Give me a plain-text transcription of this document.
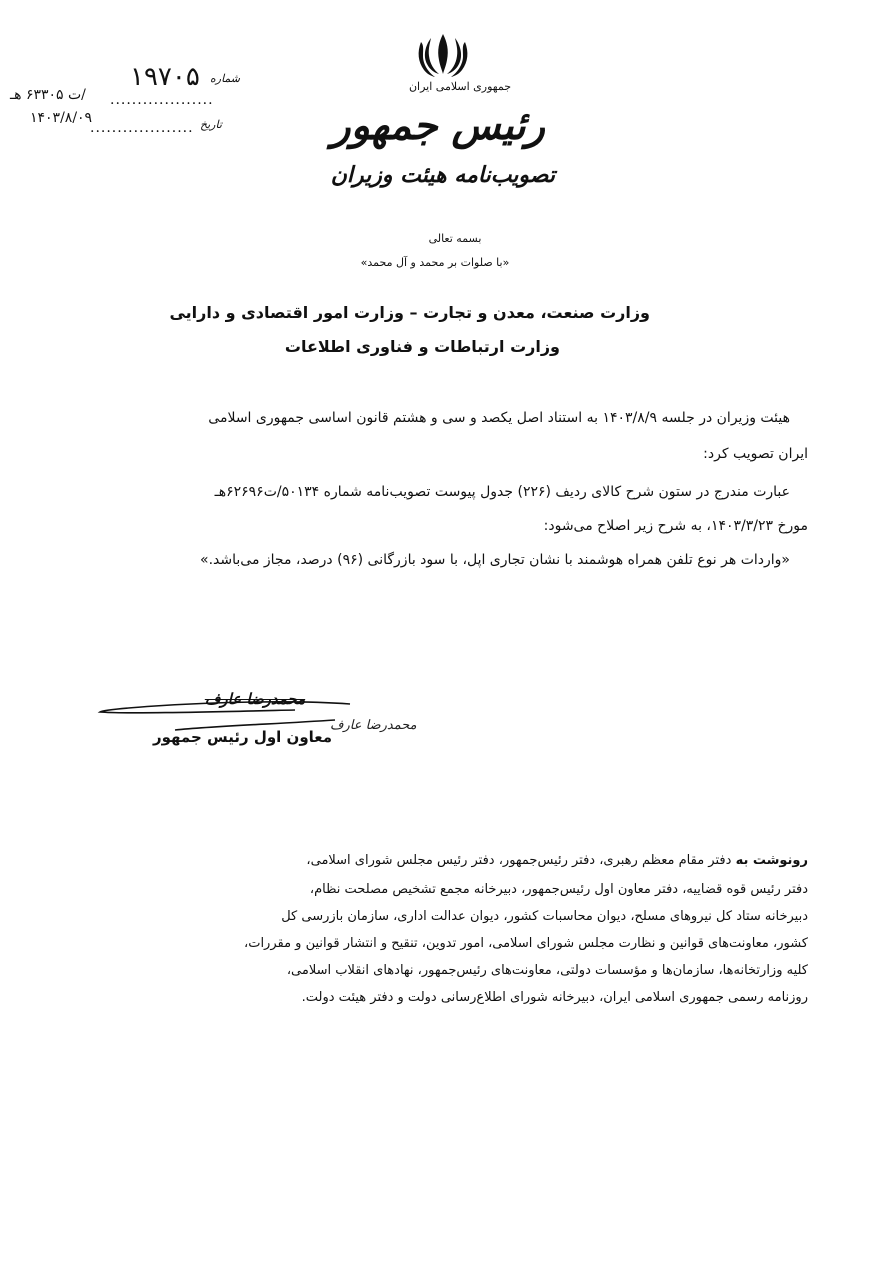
جمهوری اسلامی ایران
رئیس جمهور
تصویب‌نامه هیئت وزیران
۱۹۷۰۵ شماره
...................
/ت ۶۳۳۰۵ هـ
۱۴۰۳/۸/۰۹
................... تاریخ
بسمه تعالی
«با صلوات بر محمد و آل محمد»
وزارت صنعت، معدن و تجارت – وزارت امور اقتصادی و دارایی
وزارت ارتباطات و فناوری اطلاعات
هیئت وزیران در جلسه ۱۴۰۳/۸/۹ به استناد اصل یکصد و سی و هشتم قانون اساسی جمهوری اسلامی
ایران تصویب کرد:
عبارت مندرج در ستون شرح کالای ردیف (۲۲۶) جدول پیوست تصویب‌نامه شماره ۵۰۱۳۴/ت۶۲۶۹۶هـ
مورخ ۱۴۰۳/۳/۲۳، به شرح زیر اصلاح می‌شود:
«واردات هر نوع تلفن همراه هوشمند با نشان تجاری اپل، با سود بازرگانی (۹۶) درصد، مجاز می‌باشد.»
محمدرضا عارف
محمدرضا عارف
معاون اول رئیس جمهور
رونوشت به دفتر مقام معظم رهبری، دفتر رئیس‌جمهور، دفتر رئیس مجلس شورای اسلامی،
دفتر رئیس قوه قضاییه، دفتر معاون اول رئیس‌جمهور، دبیرخانه مجمع تشخیص مصلحت نظام،
دبیرخانه ستاد کل نیروهای مسلح، دیوان محاسبات کشور، دیوان عدالت اداری، سازمان بازرسی کل
کشور، معاونت‌های قوانین و نظارت مجلس شورای اسلامی، امور تدوین، تنقیح و انتشار قوانین و مقررات،
کلیه وزارتخانه‌ها، سازمان‌ها و مؤسسات دولتی، معاونت‌های رئیس‌جمهور، نهادهای انقلاب اسلامی،
روزنامه رسمی جمهوری اسلامی ایران، دبیرخانه شورای اطلاع‌رسانی دولت و دفتر هیئت دولت.
